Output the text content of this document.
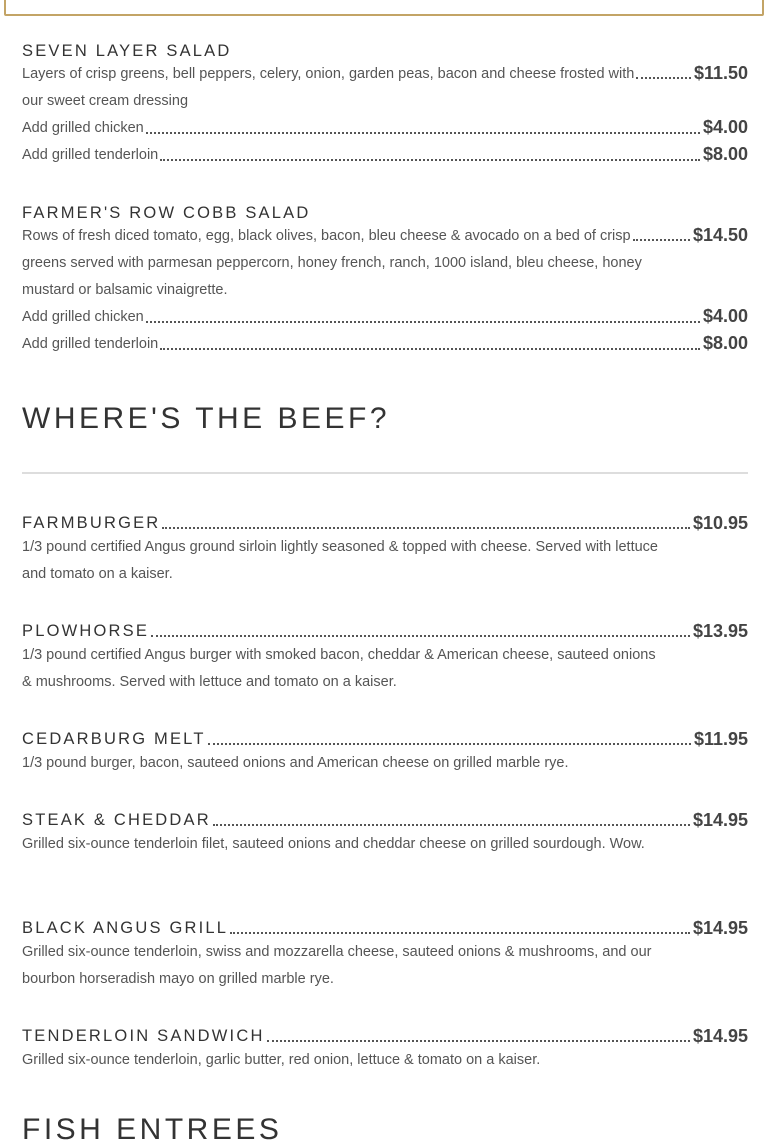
SEVEN LAYER SALAD
Layers of crisp greens, bell peppers, celery, onion, garden peas, bacon and cheese frosted with	$11.50
our sweet cream dressing
Add grilled chicken	$4.00
Add grilled tenderloin	$8.00
FARMER'S ROW COBB SALAD
Rows of fresh diced tomato, egg, black olives, bacon, bleu cheese & avocado on a bed of crisp	$14.50
greens served with parmesan peppercorn, honey french, ranch, 1000 island, bleu cheese, honey mustard or balsamic vinaigrette.
Add grilled chicken	$4.00
Add grilled tenderloin	$8.00
WHERE'S THE BEEF?
FARMBURGER	$10.95
1/3 pound certified Angus ground sirloin lightly seasoned & topped with cheese. Served with lettuce and tomato on a kaiser.
PLOWHORSE	$13.95
1/3 pound certified Angus burger with smoked bacon, cheddar & American cheese, sauteed onions & mushrooms. Served with lettuce and tomato on a kaiser.
CEDARBURG MELT	$11.95
1/3 pound burger, bacon, sauteed onions and American cheese on grilled marble rye.
STEAK & CHEDDAR	$14.95
Grilled six-ounce tenderloin filet, sauteed onions and cheddar cheese on grilled sourdough. Wow.
BLACK ANGUS GRILL	$14.95
Grilled six-ounce tenderloin, swiss and mozzarella cheese, sauteed onions & mushrooms, and our bourbon horseradish mayo on grilled marble rye.
TENDERLOIN SANDWICH	$14.95
Grilled six-ounce tenderloin, garlic butter, red onion, lettuce & tomato on a kaiser.
FISH ENTREES
